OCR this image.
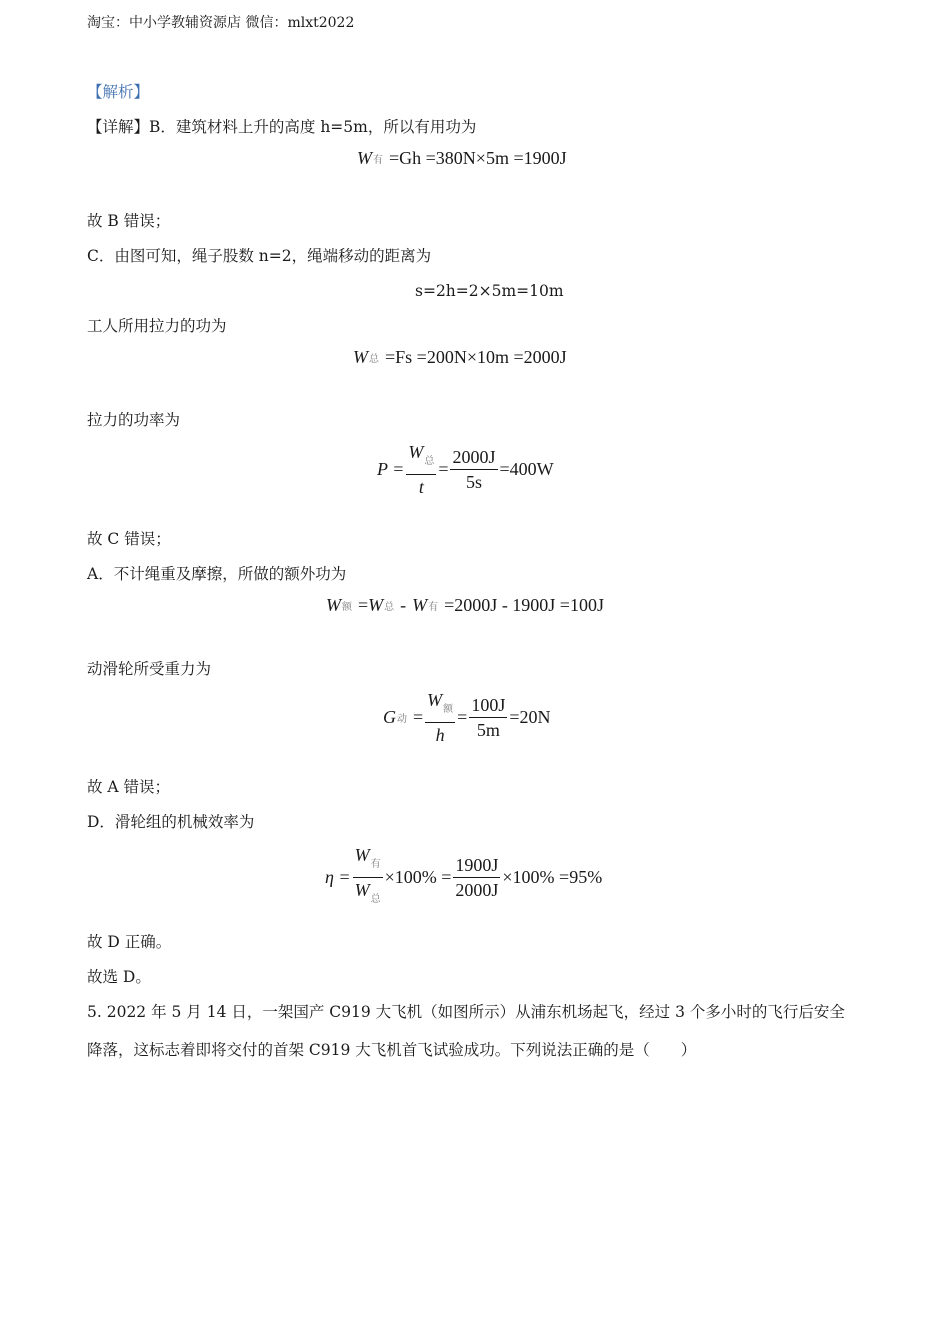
淘宝：中小学教辅资源店 微信：mlxt2022
【解析】
【详解】B．建筑材料上升的高度 h=5m，所以有用功为
W 有 =Gh =380N×5m =1900J
故 B 错误；
C．由图可知，绳子股数 n=2，绳端移动的距离为
s=2h=2×5m=10m
工人所用拉力的功为
W 总 =Fs =200N×10m =2000J
拉力的功率为
$P = \frac{W_总}{t} = \frac{2000J}{5s} =400W$
故 C 错误；
A．不计绳重及摩擦，所做的额外功为
W 额 = W 总 - W 有 =2000J - 1900J =100J
动滑轮所受重力为
G 动 = $\frac{W_额}{h} = \frac{100J}{5m} =20N$
故 A 错误；
D．滑轮组的机械效率为
$\eta = \frac{W_有}{W_总} \times 100\% = \frac{1900J}{2000J} \times 100\% =95\%$
故 D 正确。
故选 D。
5. 2022 年 5 月 14 日，一架国产 C919 大飞机（如图所示）从浦东机场起飞，经过 3 个多小时的飞行后安全
降落，这标志着即将交付的首架 C919 大飞机首飞试验成功。下列说法正确的是（　　）
